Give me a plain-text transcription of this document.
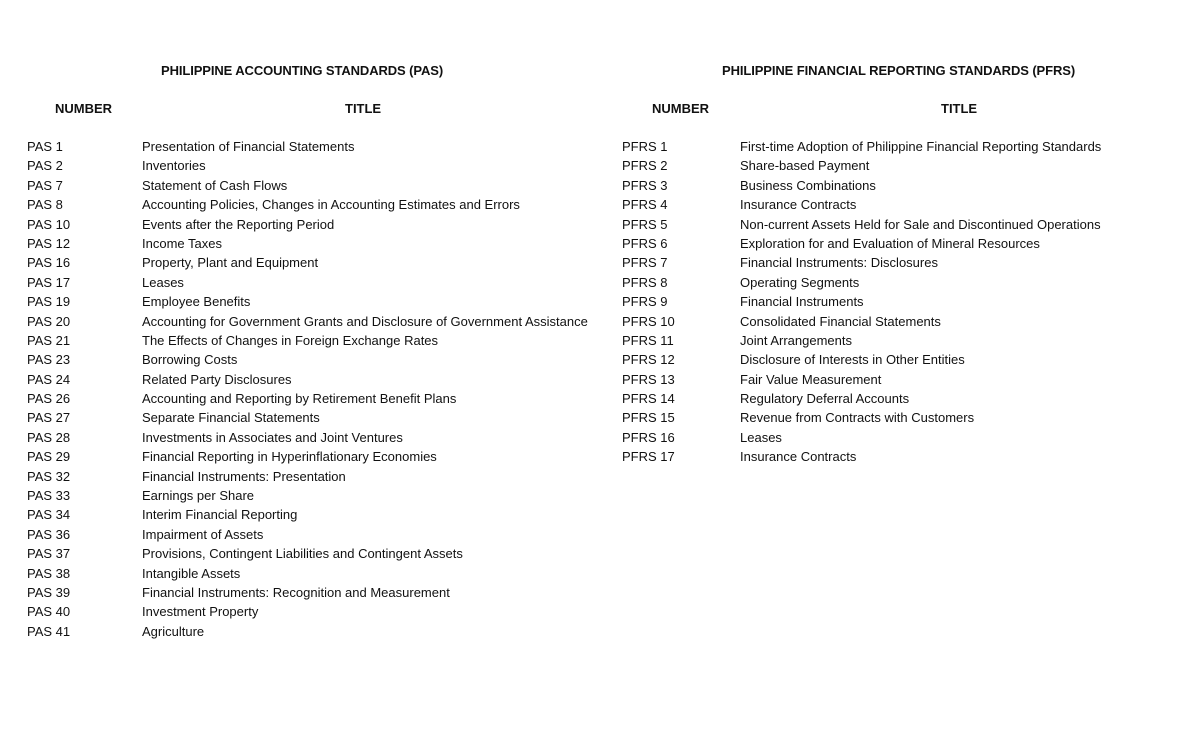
PHILIPPINE ACCOUNTING STANDARDS (PAS)
NUMBER	TITLE
PAS 1	Presentation of Financial Statements
PAS 2	Inventories
PAS 7	Statement of Cash Flows
PAS 8	Accounting Policies, Changes in Accounting Estimates and Errors
PAS 10	Events after the Reporting Period
PAS 12	Income Taxes
PAS 16	Property, Plant and Equipment
PAS 17	Leases
PAS 19	Employee Benefits
PAS 20	Accounting for Government Grants and Disclosure of Government Assistance
PAS 21	The Effects of Changes in Foreign Exchange Rates
PAS 23	Borrowing Costs
PAS 24	Related Party Disclosures
PAS 26	Accounting and Reporting by Retirement Benefit Plans
PAS 27	Separate Financial Statements
PAS 28	Investments in Associates and Joint Ventures
PAS 29	Financial Reporting in Hyperinflationary Economies
PAS 32	Financial Instruments: Presentation
PAS 33	Earnings per Share
PAS 34	Interim Financial Reporting
PAS 36	Impairment of Assets
PAS 37	Provisions, Contingent Liabilities and Contingent Assets
PAS 38	Intangible Assets
PAS 39	Financial Instruments: Recognition and Measurement
PAS 40	Investment Property
PAS 41	Agriculture
PHILIPPINE FINANCIAL REPORTING STANDARDS (PFRS)
NUMBER	TITLE
PFRS 1	First-time Adoption of Philippine Financial Reporting Standards
PFRS 2	Share-based Payment
PFRS 3	Business Combinations
PFRS 4	Insurance Contracts
PFRS 5	Non-current Assets Held for Sale and Discontinued Operations
PFRS 6	Exploration for and Evaluation of Mineral Resources
PFRS 7	Financial Instruments: Disclosures
PFRS 8	Operating Segments
PFRS 9	Financial Instruments
PFRS 10	Consolidated Financial Statements
PFRS 11	Joint Arrangements
PFRS 12	Disclosure of Interests in Other Entities
PFRS 13	Fair Value Measurement
PFRS 14	Regulatory Deferral Accounts
PFRS 15	Revenue from Contracts with Customers
PFRS 16	Leases
PFRS 17	Insurance Contracts
